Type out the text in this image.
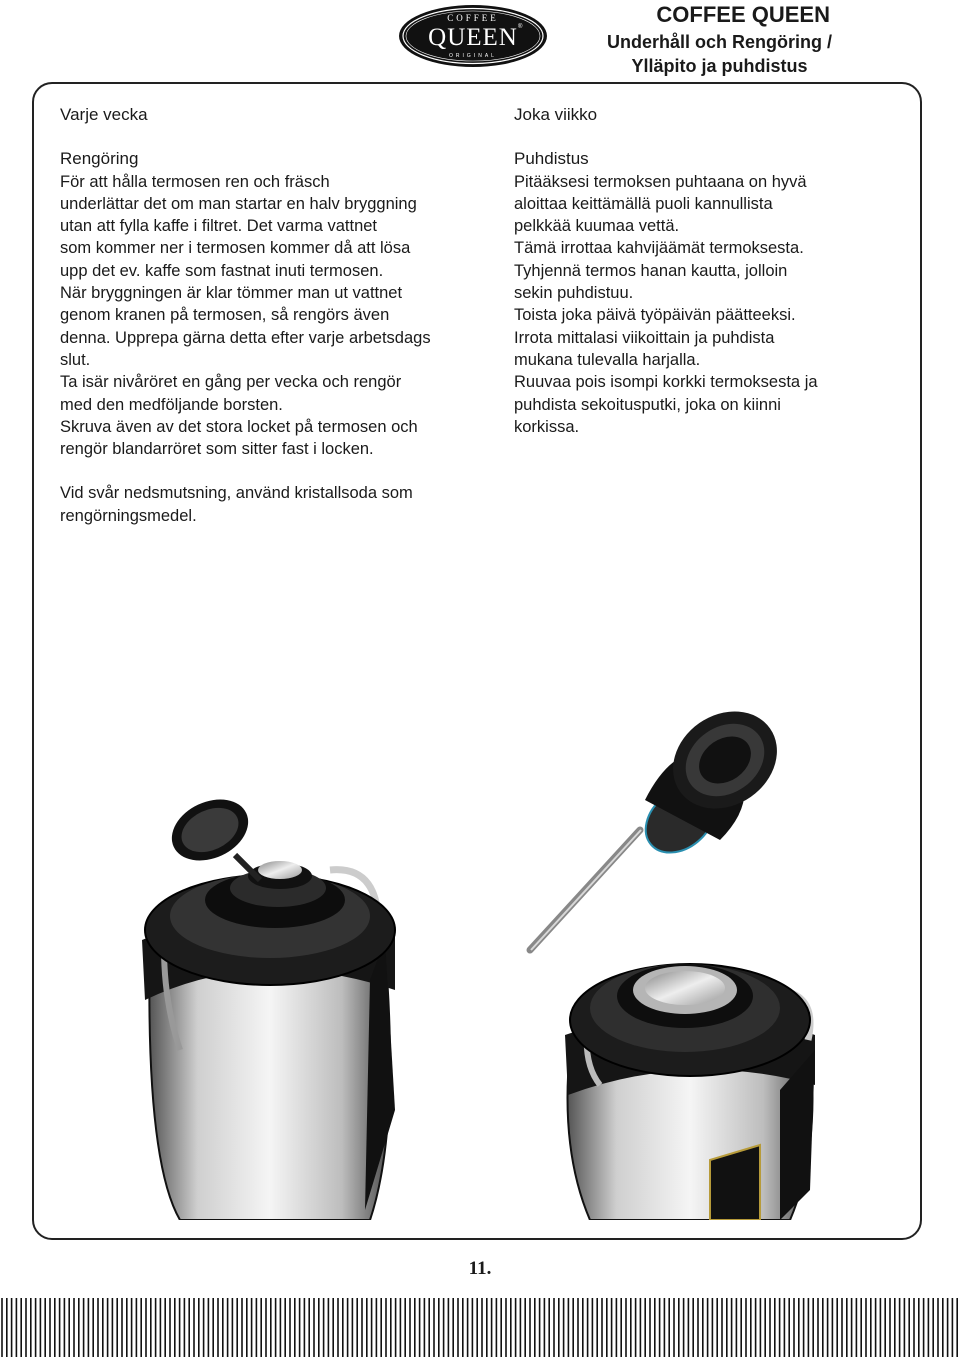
COFFEE
QUEEN ®
ORIGINAL
COFFEE QUEEN
Underhåll och Rengöring /
Ylläpito ja puhdistus
Varje vecka
Rengöring
För att hålla termosen ren och fräsch
underlättar det om man startar en halv bryggning
utan att fylla kaffe i filtret. Det varma vattnet
som kommer ner i termosen kommer då att lösa
upp det ev. kaffe som fastnat inuti termosen.
När bryggningen är klar tömmer man ut vattnet
genom kranen på termosen, så rengörs även
denna. Upprepa gärna detta efter varje arbetsdags
slut.
Ta isär nivåröret en gång per vecka och rengör
med den medföljande borsten.
Skruva även av det stora locket på termosen och
rengör blandarröret som sitter fast i locken.
Vid svår nedsmutsning, använd kristallsoda som
rengörningsmedel.
Joka viikko
Puhdistus
Pitääksesi termoksen puhtaana on hyvä
aloittaa keittämällä puoli kannullista
pelkkää kuumaa vettä.
Tämä irrottaa kahvijäämät termoksesta.
Tyhjennä termos hanan kautta, jolloin
sekin puhdistuu.
Toista joka päivä työpäivän päätteeksi.
Irrota mittalasi viikoittain ja puhdista
mukana tulevalla harjalla.
Ruuvaa pois isompi korkki termoksesta ja
puhdista sekoitusputki, joka on kiinni
korkissa.
11.
